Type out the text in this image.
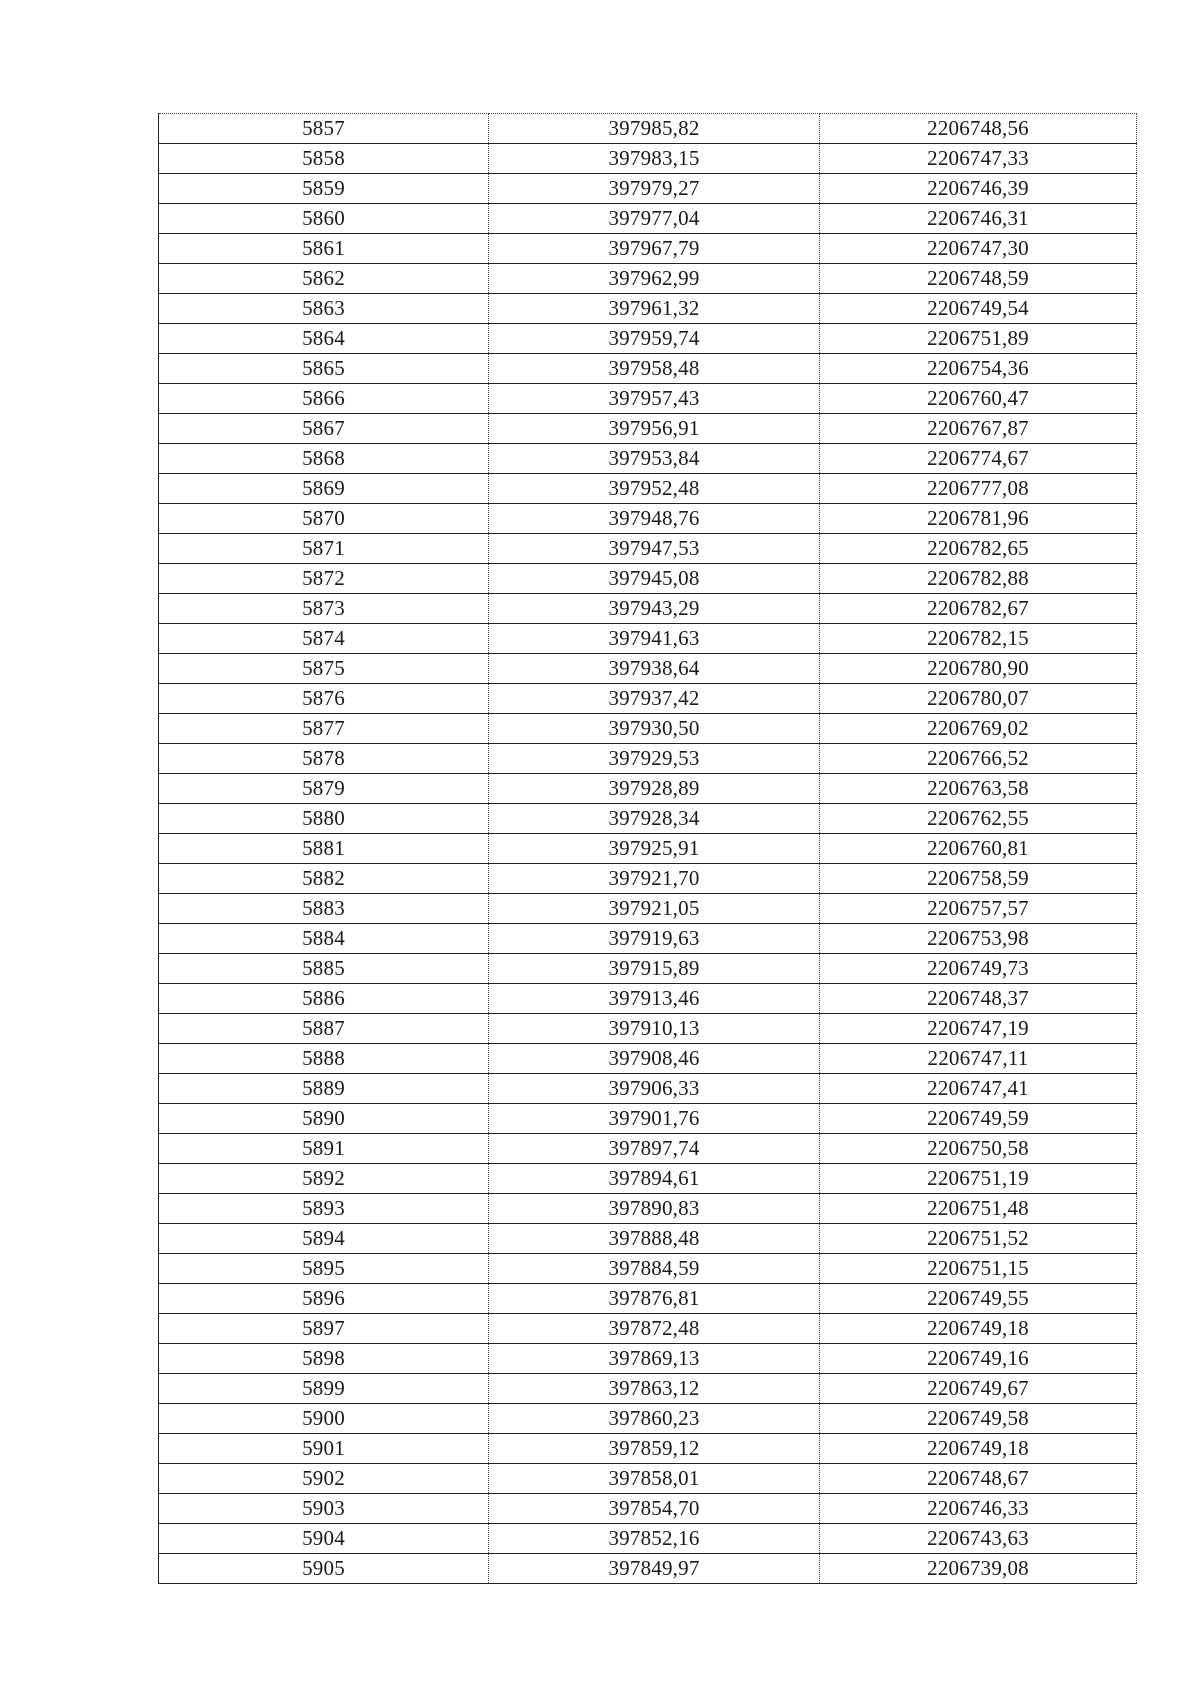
5857	397985,82	2206748,56
5858	397983,15	2206747,33
5859	397979,27	2206746,39
5860	397977,04	2206746,31
5861	397967,79	2206747,30
5862	397962,99	2206748,59
5863	397961,32	2206749,54
5864	397959,74	2206751,89
5865	397958,48	2206754,36
5866	397957,43	2206760,47
5867	397956,91	2206767,87
5868	397953,84	2206774,67
5869	397952,48	2206777,08
5870	397948,76	2206781,96
5871	397947,53	2206782,65
5872	397945,08	2206782,88
5873	397943,29	2206782,67
5874	397941,63	2206782,15
5875	397938,64	2206780,90
5876	397937,42	2206780,07
5877	397930,50	2206769,02
5878	397929,53	2206766,52
5879	397928,89	2206763,58
5880	397928,34	2206762,55
5881	397925,91	2206760,81
5882	397921,70	2206758,59
5883	397921,05	2206757,57
5884	397919,63	2206753,98
5885	397915,89	2206749,73
5886	397913,46	2206748,37
5887	397910,13	2206747,19
5888	397908,46	2206747,11
5889	397906,33	2206747,41
5890	397901,76	2206749,59
5891	397897,74	2206750,58
5892	397894,61	2206751,19
5893	397890,83	2206751,48
5894	397888,48	2206751,52
5895	397884,59	2206751,15
5896	397876,81	2206749,55
5897	397872,48	2206749,18
5898	397869,13	2206749,16
5899	397863,12	2206749,67
5900	397860,23	2206749,58
5901	397859,12	2206749,18
5902	397858,01	2206748,67
5903	397854,70	2206746,33
5904	397852,16	2206743,63
5905	397849,97	2206739,08
